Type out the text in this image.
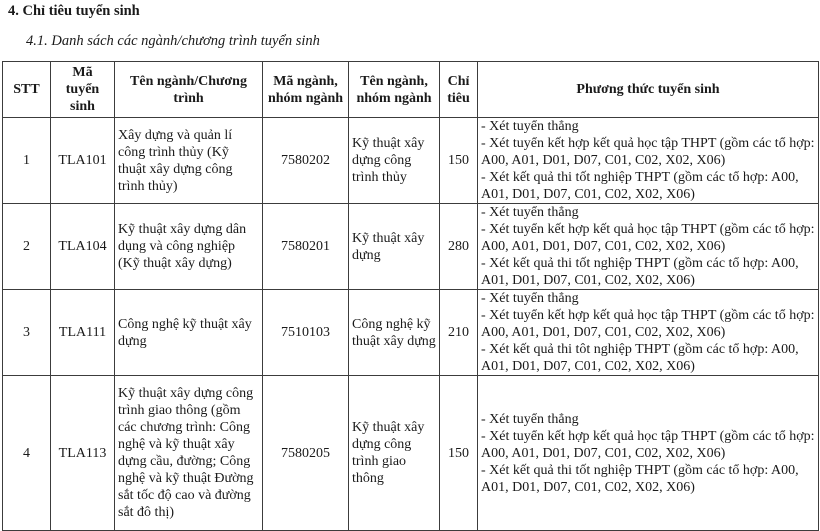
4. Chỉ tiêu tuyển sinh
4.1. Danh sách các ngành/chương trình tuyển sinh
STT	Mã tuyển sinh	Tên ngành/Chương trình	Mã ngành, nhóm ngành	Tên ngành, nhóm ngành	Chỉ tiêu	Phương thức tuyển sinh
1	TLA101	Xây dựng và quản lí công trình thủy (Kỹ thuật xây dựng công trình thủy)	7580202	Kỹ thuật xây dựng công trình thủy	150	- Xét tuyển thẳng
- Xét tuyển kết hợp kết quả học tập THPT (gồm các tổ hợp: A00, A01, D01, D07, C01, C02, X02, X06)
- Xét kết quả thi tốt nghiệp THPT (gồm các tổ hợp: A00, A01, D01, D07, C01, C02, X02, X06)

2	TLA104	Kỹ thuật xây dựng dân dụng và công nghiệp (Kỹ thuật xây dựng)	7580201	Kỹ thuật xây dựng	280	- Xét tuyển thẳng
- Xét tuyển kết hợp kết quả học tập THPT (gồm các tổ hợp: A00, A01, D01, D07, C01, C02, X02, X06)
- Xét kết quả thi tốt nghiệp THPT (gồm các tổ hợp: A00, A01, D01, D07, C01, C02, X02, X06)

3	TLA111	Công nghệ kỹ thuật xây dựng	7510103	Công nghệ kỹ thuật xây dựng	210	- Xét tuyển thẳng
- Xét tuyển kết hợp kết quả học tập THPT (gồm các tổ hợp: A00, A01, D01, D07, C01, C02, X02, X06)
- Xét kết quả thi tôt nghiệp THPT (gồm các tổ hợp: A00, A01, D01, D07, C01, C02, X02, X06)

4	TLA113	Kỹ thuật xây dựng công trình giao thông (gồm các chương trình: Công nghệ và kỹ thuật xây dựng cầu, đường; Công nghệ và kỹ thuật Đường sắt tốc độ cao và đường sắt đô thị)	7580205	Kỹ thuật xây dựng công trình giao thông	150	- Xét tuyển thẳng
- Xét tuyển kết hợp kết quả học tập THPT (gồm các tổ hợp: A00, A01, D01, D07, C01, C02, X02, X06)
- Xét kết quả thi tốt nghiệp THPT (gồm các tổ hợp: A00, A01, D01, D07, C01, C02, X02, X06)
